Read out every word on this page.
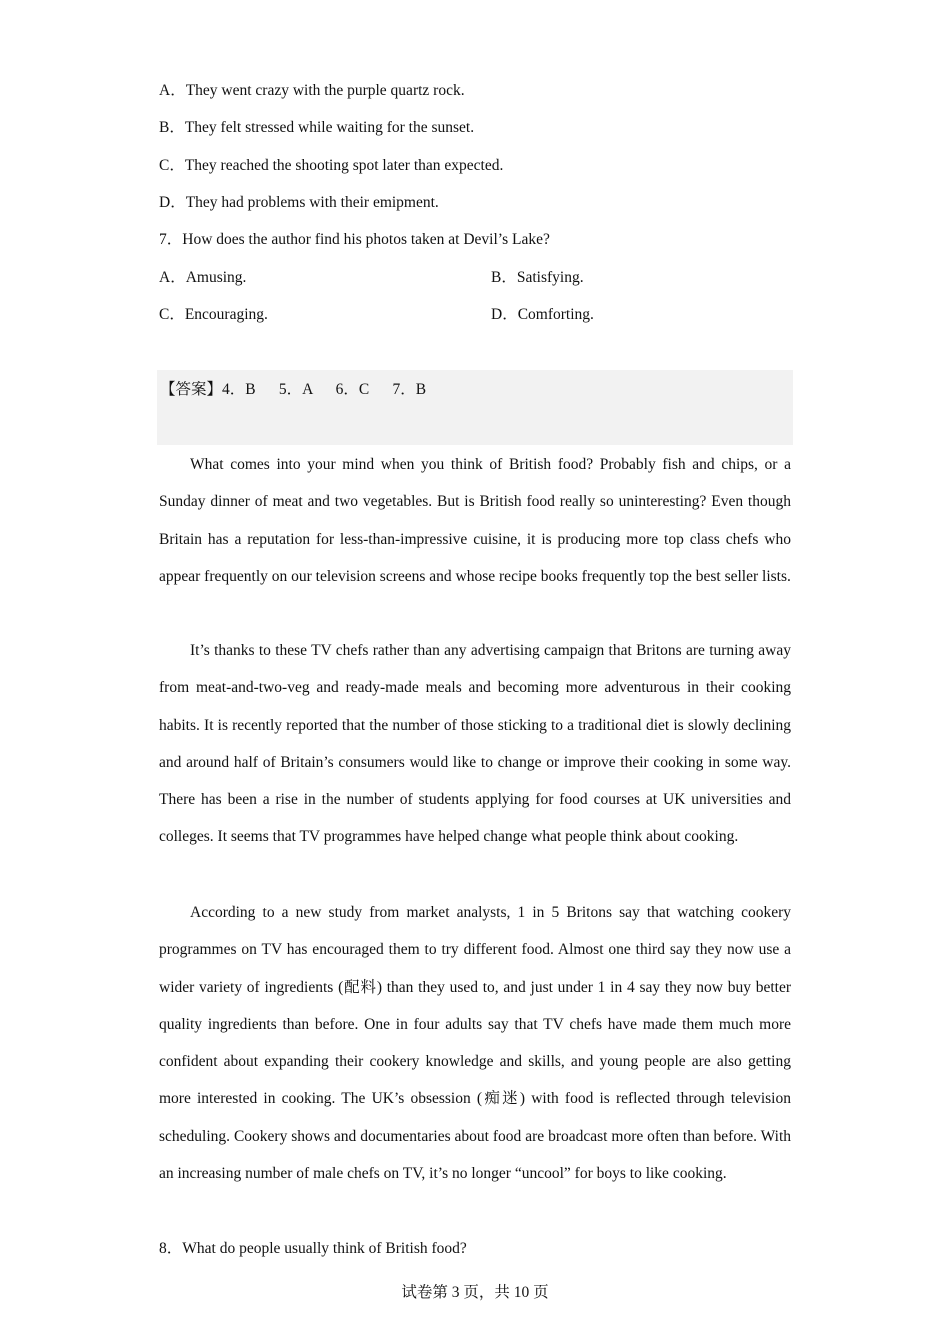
A．They went crazy with the purple quartz rock.
B．They felt stressed while waiting for the sunset.
C．They reached the shooting spot later than expected.
D．They had problems with their emipment.
7．How does the author find his photos taken at Devil’s Lake?
A．Amusing.	B．Satisfying.
C．Encouraging.	D．Comforting.
【答案】4．B      5．A      6．C      7．B

What comes into your mind when you think of British food? Probably fish and chips, or a Sunday dinner of meat and two vegetables. But is British food really so uninteresting? Even though Britain has a reputation for less-than-impressive cuisine, it is producing more top class chefs who appear frequently on our television screens and whose recipe books frequently top the best seller lists.

It’s thanks to these TV chefs rather than any advertising campaign that Britons are turning away from meat-and-two-veg and ready-made meals and becoming more adventurous in their cooking habits. It is recently reported that the number of those sticking to a traditional diet is slowly declining and around half of Britain’s consumers would like to change or improve their cooking in some way. There has been a rise in the number of students applying for food courses at UK universities and colleges. It seems that TV programmes have helped change what people think about cooking.

According to a new study from market analysts, 1 in 5 Britons say that watching cookery programmes on TV has encouraged them to try different food. Almost one third say they now use a wider variety of ingredients (配料) than they used to, and just under 1 in 4 say they now buy better quality ingredients than before. One in four adults say that TV chefs have made them much more confident about expanding their cookery knowledge and skills, and young people are also getting more interested in cooking. The UK’s obsession (痴迷) with food is reflected through television scheduling. Cookery shows and documentaries about food are broadcast more often than before. With an increasing number of male chefs on TV, it’s no longer “uncool” for boys to like cooking.

8．What do people usually think of British food?
试卷第 3 页，共 10 页
